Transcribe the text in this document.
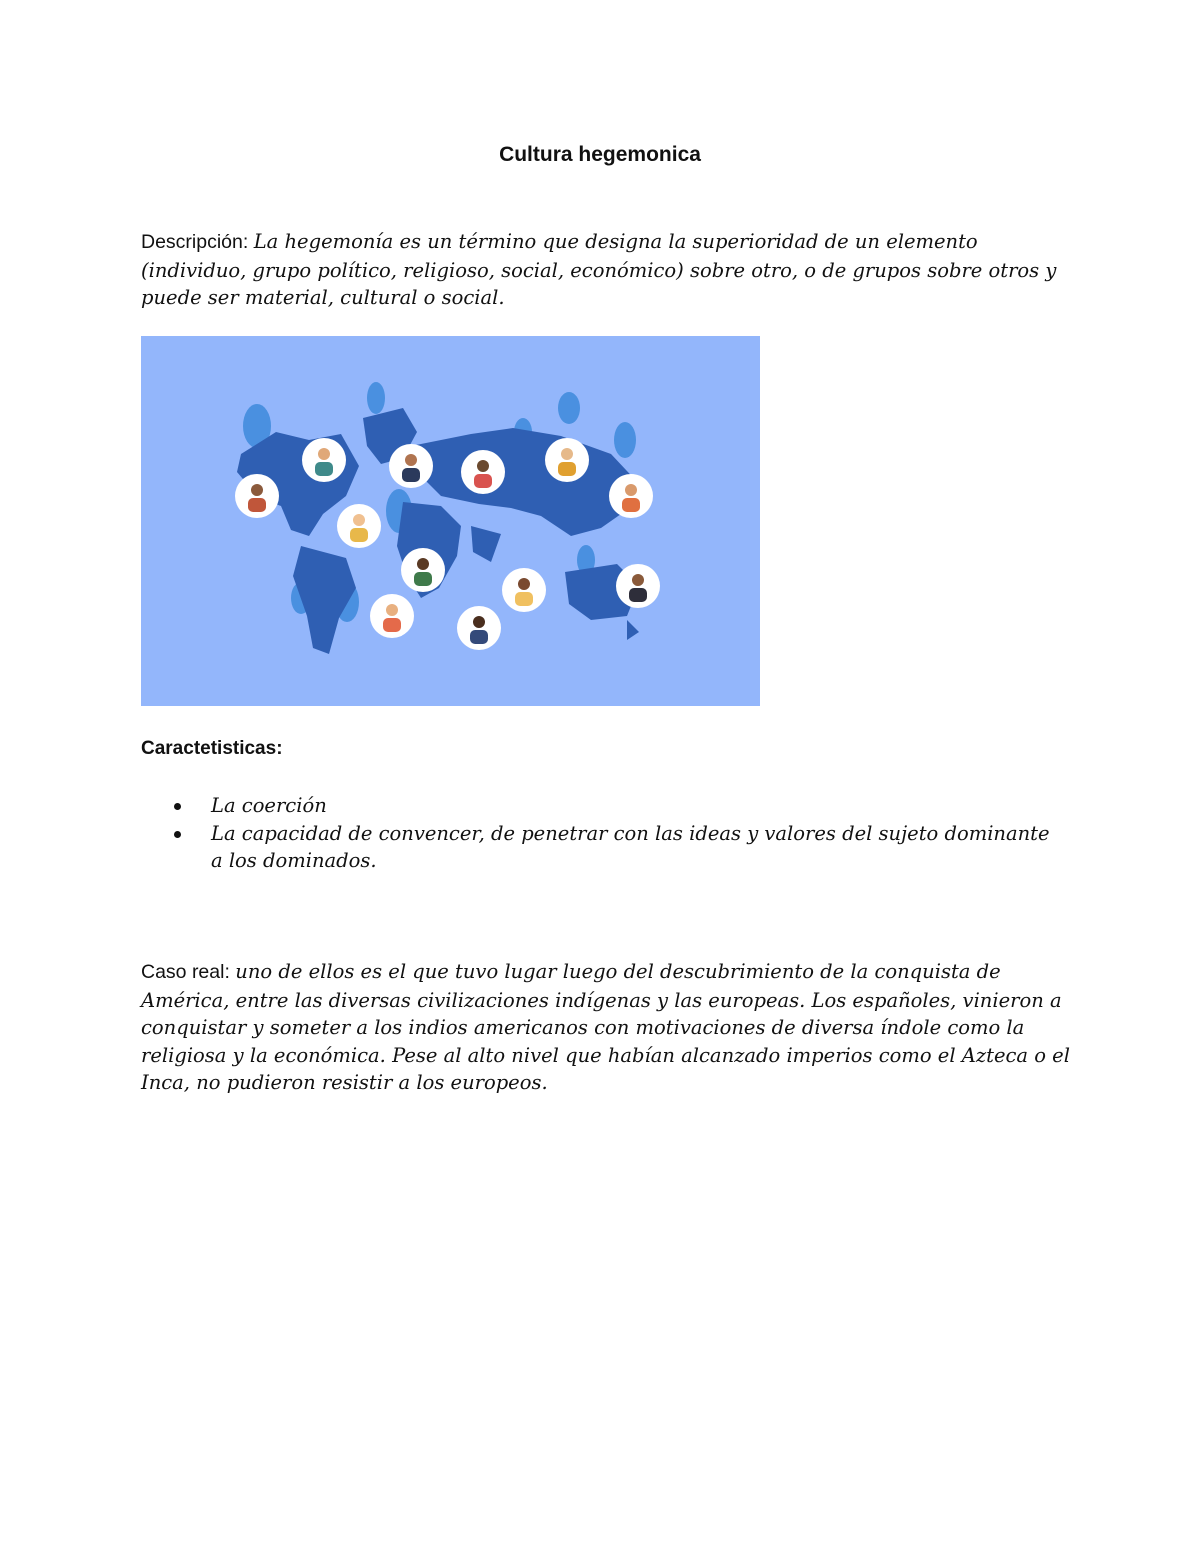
Cultura hegemonica
Descripción: La hegemonía es un término que designa la superioridad de un elemento (individuo, grupo político, religioso, social, económico) sobre otro, o de grupos sobre otros y puede ser material, cultural o social.
Caractetisticas:
La coerción
La capacidad de convencer, de penetrar con las ideas y valores del sujeto dominante a los dominados.
Caso real: uno de ellos es el que tuvo lugar luego del descubrimiento de la conquista de América, entre las diversas civilizaciones indígenas y las europeas. Los españoles, vinieron a conquistar y someter a los indios americanos con motivaciones de diversa índole como la religiosa y la económica. Pese al alto nivel que habían alcanzado imperios como el Azteca o el Inca, no pudieron resistir a los europeos.
